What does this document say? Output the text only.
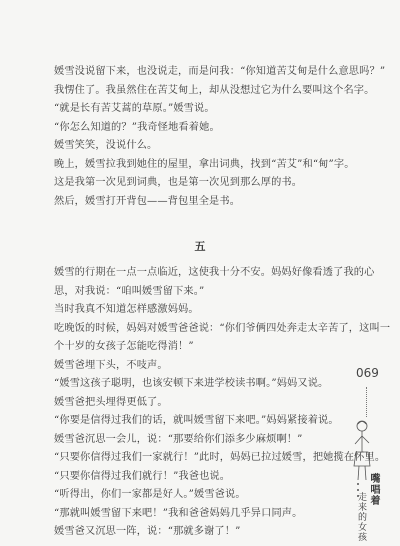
媛雪没说留下来，也没说走，而是问我：“你知道苦艾甸是什么意思吗？”

我愣住了。我虽然住在苦艾甸上，却从没想过它为什么要叫这个名字。

“就是长有苦艾蒿的草原。”媛雪说。

“你怎么知道的？”我奇怪地看着她。

媛雪笑笑，没说什么。

晚上，媛雪拉我到她住的屋里，拿出词典，找到“苦艾”和“甸”字。

这是我第一次见到词典，也是第一次见到那么厚的书。

然后，媛雪打开背包——背包里全是书。

五

媛雪的行期在一点一点临近，这使我十分不安。妈妈好像看透了我的心

思，对我说：“咱叫媛雪留下来。”

当时我真不知道怎样感激妈妈。

吃晚饭的时候，妈妈对媛雪爸爸说：“你们爷俩四处奔走太辛苦了，这叫一

个十岁的女孩子怎能吃得消！”

媛雪爸埋下头，不吱声。

“媛雪这孩子聪明，也该安顿下来进学校读书啊。”妈妈又说。

媛雪爸把头埋得更低了。

“你要是信得过我们的话，就叫媛雪留下来吧。”妈妈紧接着说。

媛雪爸沉思一会儿，说：“那要给你们添多少麻烦啊！”

“只要你信得过我们一家就行！”此时，妈妈已拉过媛雪，把她揽在怀里。

“只要你信得过我们就行！”我爸也说。

“听得出，你们一家都是好人。”媛雪爸说。

“那就叫媛雪留下来吧！”我和爸爸妈妈几乎异口同声。

媛雪爸又沉思一阵，说：“那就多谢了！”

069
嘴唱着
走来的女孩
